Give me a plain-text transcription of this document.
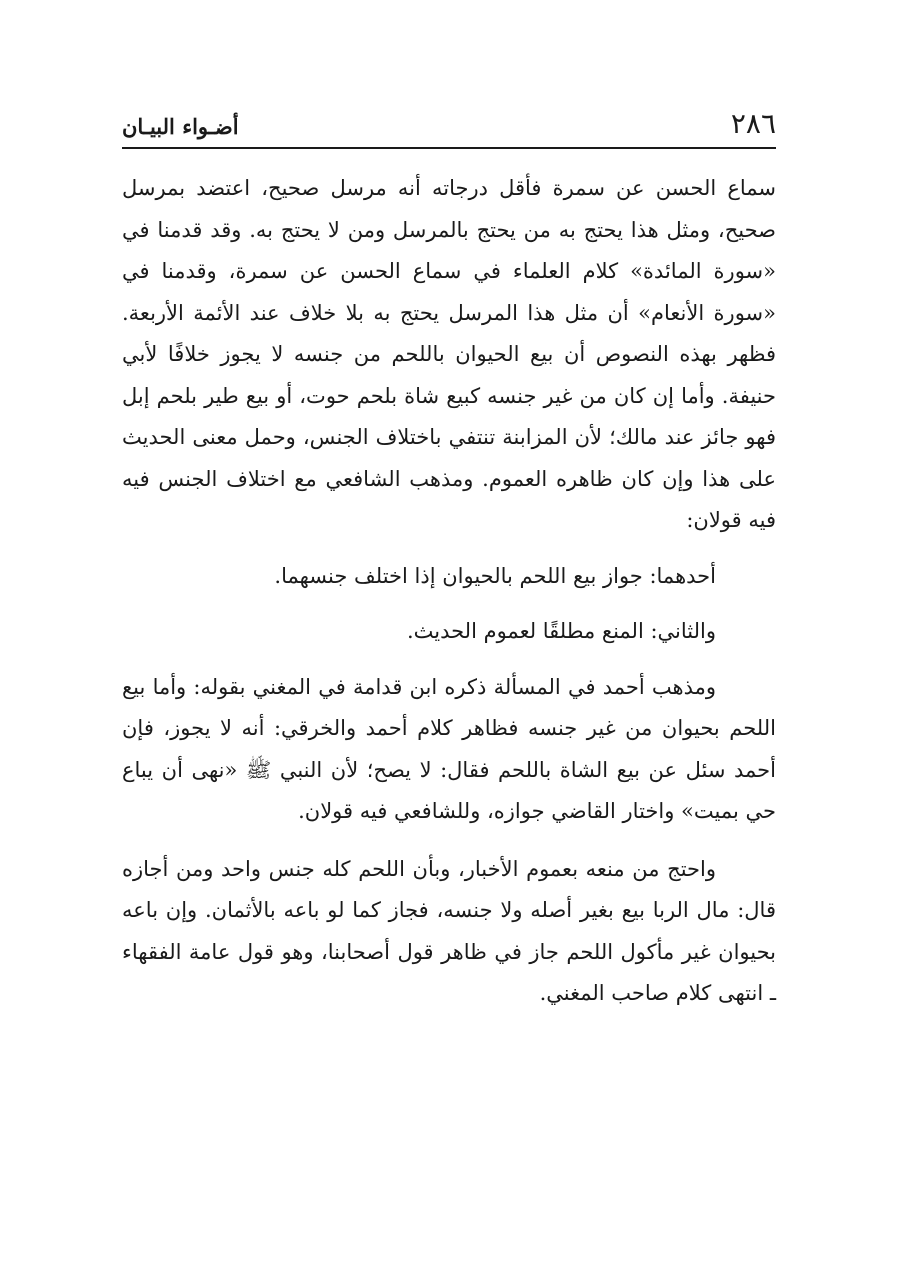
٢٨٦
أضـواء البيـان

سماع الحسن عن سمرة فأقل درجاته أنه مرسل صحيح، اعتضد بمرسل صحيح، ومثل هذا يحتج به من يحتج بالمرسل ومن لا يحتج به. وقد قدمنا في «سورة المائدة» كلام العلماء في سماع الحسن عن سمرة، وقدمنا في «سورة الأنعام» أن مثل هذا المرسل يحتج به بلا خلاف عند الأئمة الأربعة. فظهر بهذه النصوص أن بيع الحيوان باللحم من جنسه لا يجوز خلافًا لأبي حنيفة. وأما إن كان من غير جنسه كبيع شاة بلحم حوت، أو بيع طير بلحم إبل فهو جائز عند مالك؛ لأن المزابنة تنتفي باختلاف الجنس، وحمل معنى الحديث على هذا وإن كان ظاهره العموم. ومذهب الشافعي مع اختلاف الجنس فيه فيه قولان:

أحدهما: جواز بيع اللحم بالحيوان إذا اختلف جنسهما.

والثاني: المنع مطلقًا لعموم الحديث.

ومذهب أحمد في المسألة ذكره ابن قدامة في المغني بقوله: وأما بيع اللحم بحيوان من غير جنسه فظاهر كلام أحمد والخرقي: أنه لا يجوز، فإن أحمد سئل عن بيع الشاة باللحم فقال: لا يصح؛ لأن النبي ﷺ «نهى أن يباع حي بميت» واختار القاضي جوازه، وللشافعي فيه قولان.

واحتج من منعه بعموم الأخبار، وبأن اللحم كله جنس واحد ومن أجازه قال: مال الربا بيع بغير أصله ولا جنسه، فجاز كما لو باعه بالأثمان. وإن باعه بحيوان غير مأكول اللحم جاز في ظاهر قول أصحابنا، وهو قول عامة الفقهاء ـ انتهى كلام صاحب المغني.
